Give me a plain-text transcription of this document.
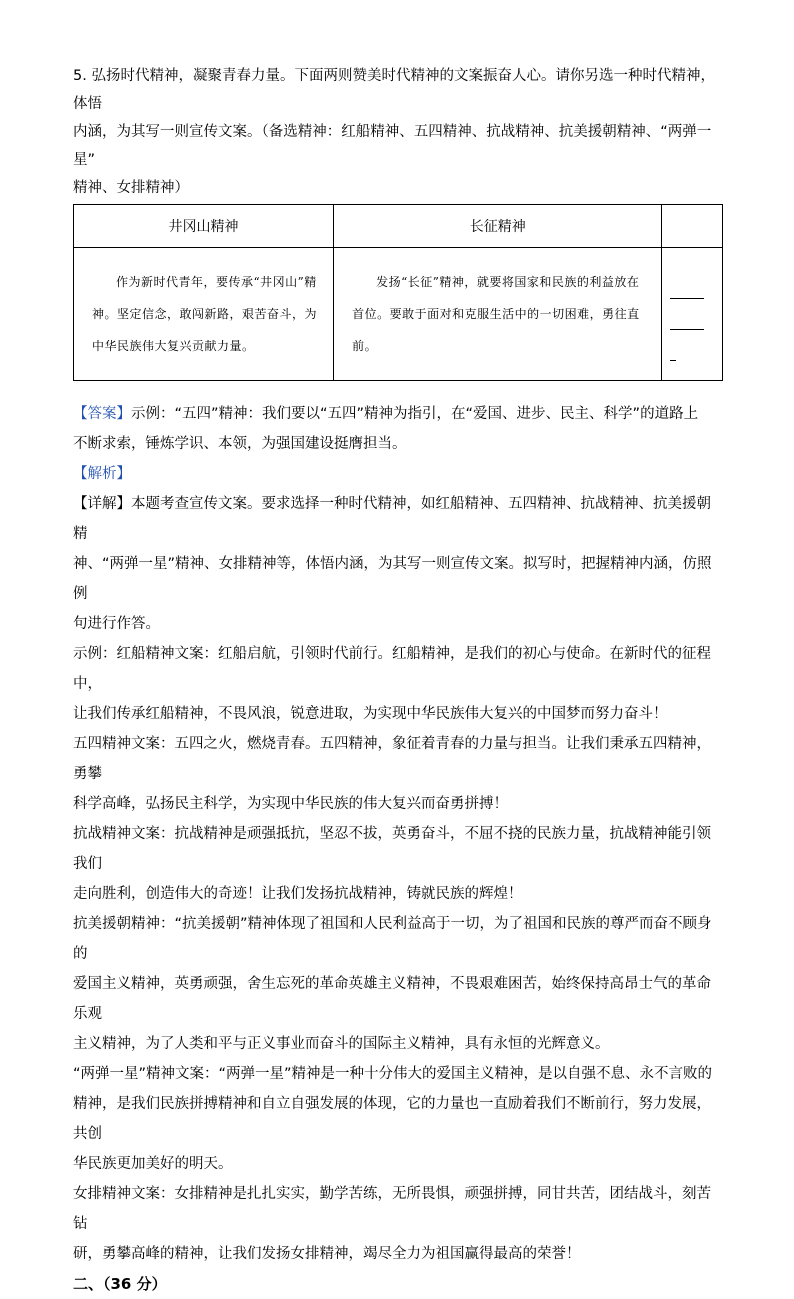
5. 弘扬时代精神，凝聚青春力量。下面两则赞美时代精神的文案振奋人心。请你另选一种时代精神，体悟

内涵，为其写一则宣传文案。（备选精神：红船精神、五四精神、抗战精神、抗美援朝精神、“两弹一星”

精神、女排精神）

井冈山精神	长征精神	

作为新时代青年，要传承“井冈山”精神。坚定信念，敢闯新路，艰苦奋斗，为中华民族伟大复兴贡献力量。	发扬“长征”精神，就要将国家和民族的利益放在首位。要敢于面对和克服生活中的一切困难，勇往直前。	

【答案】示例：“五四”精神：我们要以“五四”精神为指引，在“爱国、进步、民主、科学”的道路上

不断求索，锤炼学识、本领，为强国建设挺膺担当。

【解析】

【详解】本题考查宣传文案。要求选择一种时代精神，如红船精神、五四精神、抗战精神、抗美援朝精

神、“两弹一星”精神、女排精神等，体悟内涵，为其写一则宣传文案。拟写时，把握精神内涵，仿照例

句进行作答。

示例：红船精神文案：红船启航，引领时代前行。红船精神，是我们的初心与使命。在新时代的征程中，

让我们传承红船精神，不畏风浪，锐意进取，为实现中华民族伟大复兴的中国梦而努力奋斗！

五四精神文案：五四之火，燃烧青春。五四精神，象征着青春的力量与担当。让我们秉承五四精神，勇攀

科学高峰，弘扬民主科学，为实现中华民族的伟大复兴而奋勇拼搏！

抗战精神文案：抗战精神是顽强抵抗，坚忍不拔，英勇奋斗，不屈不挠的民族力量，抗战精神能引领我们

走向胜利，创造伟大的奇迹！让我们发扬抗战精神，铸就民族的辉煌！

抗美援朝精神：“抗美援朝”精神体现了祖国和人民利益高于一切，为了祖国和民族的尊严而奋不顾身的

爱国主义精神，英勇顽强，舍生忘死的革命英雄主义精神，不畏艰难困苦，始终保持高昂士气的革命乐观

主义精神，为了人类和平与正义事业而奋斗的国际主义精神，具有永恒的光辉意义。

“两弹一星”精神文案：“两弹一星”精神是一种十分伟大的爱国主义精神，是以自强不息、永不言败的

精神，是我们民族拼搏精神和自立自强发展的体现，它的力量也一直励着我们不断前行，努力发展，共创

华民族更加美好的明天。

女排精神文案：女排精神是扎扎实实，勤学苦练，无所畏惧，顽强拼搏，同甘共苦，团结战斗，刻苦钻

研，勇攀高峰的精神，让我们发扬女排精神，竭尽全力为祖国赢得最高的荣誉！

二、（36 分）
